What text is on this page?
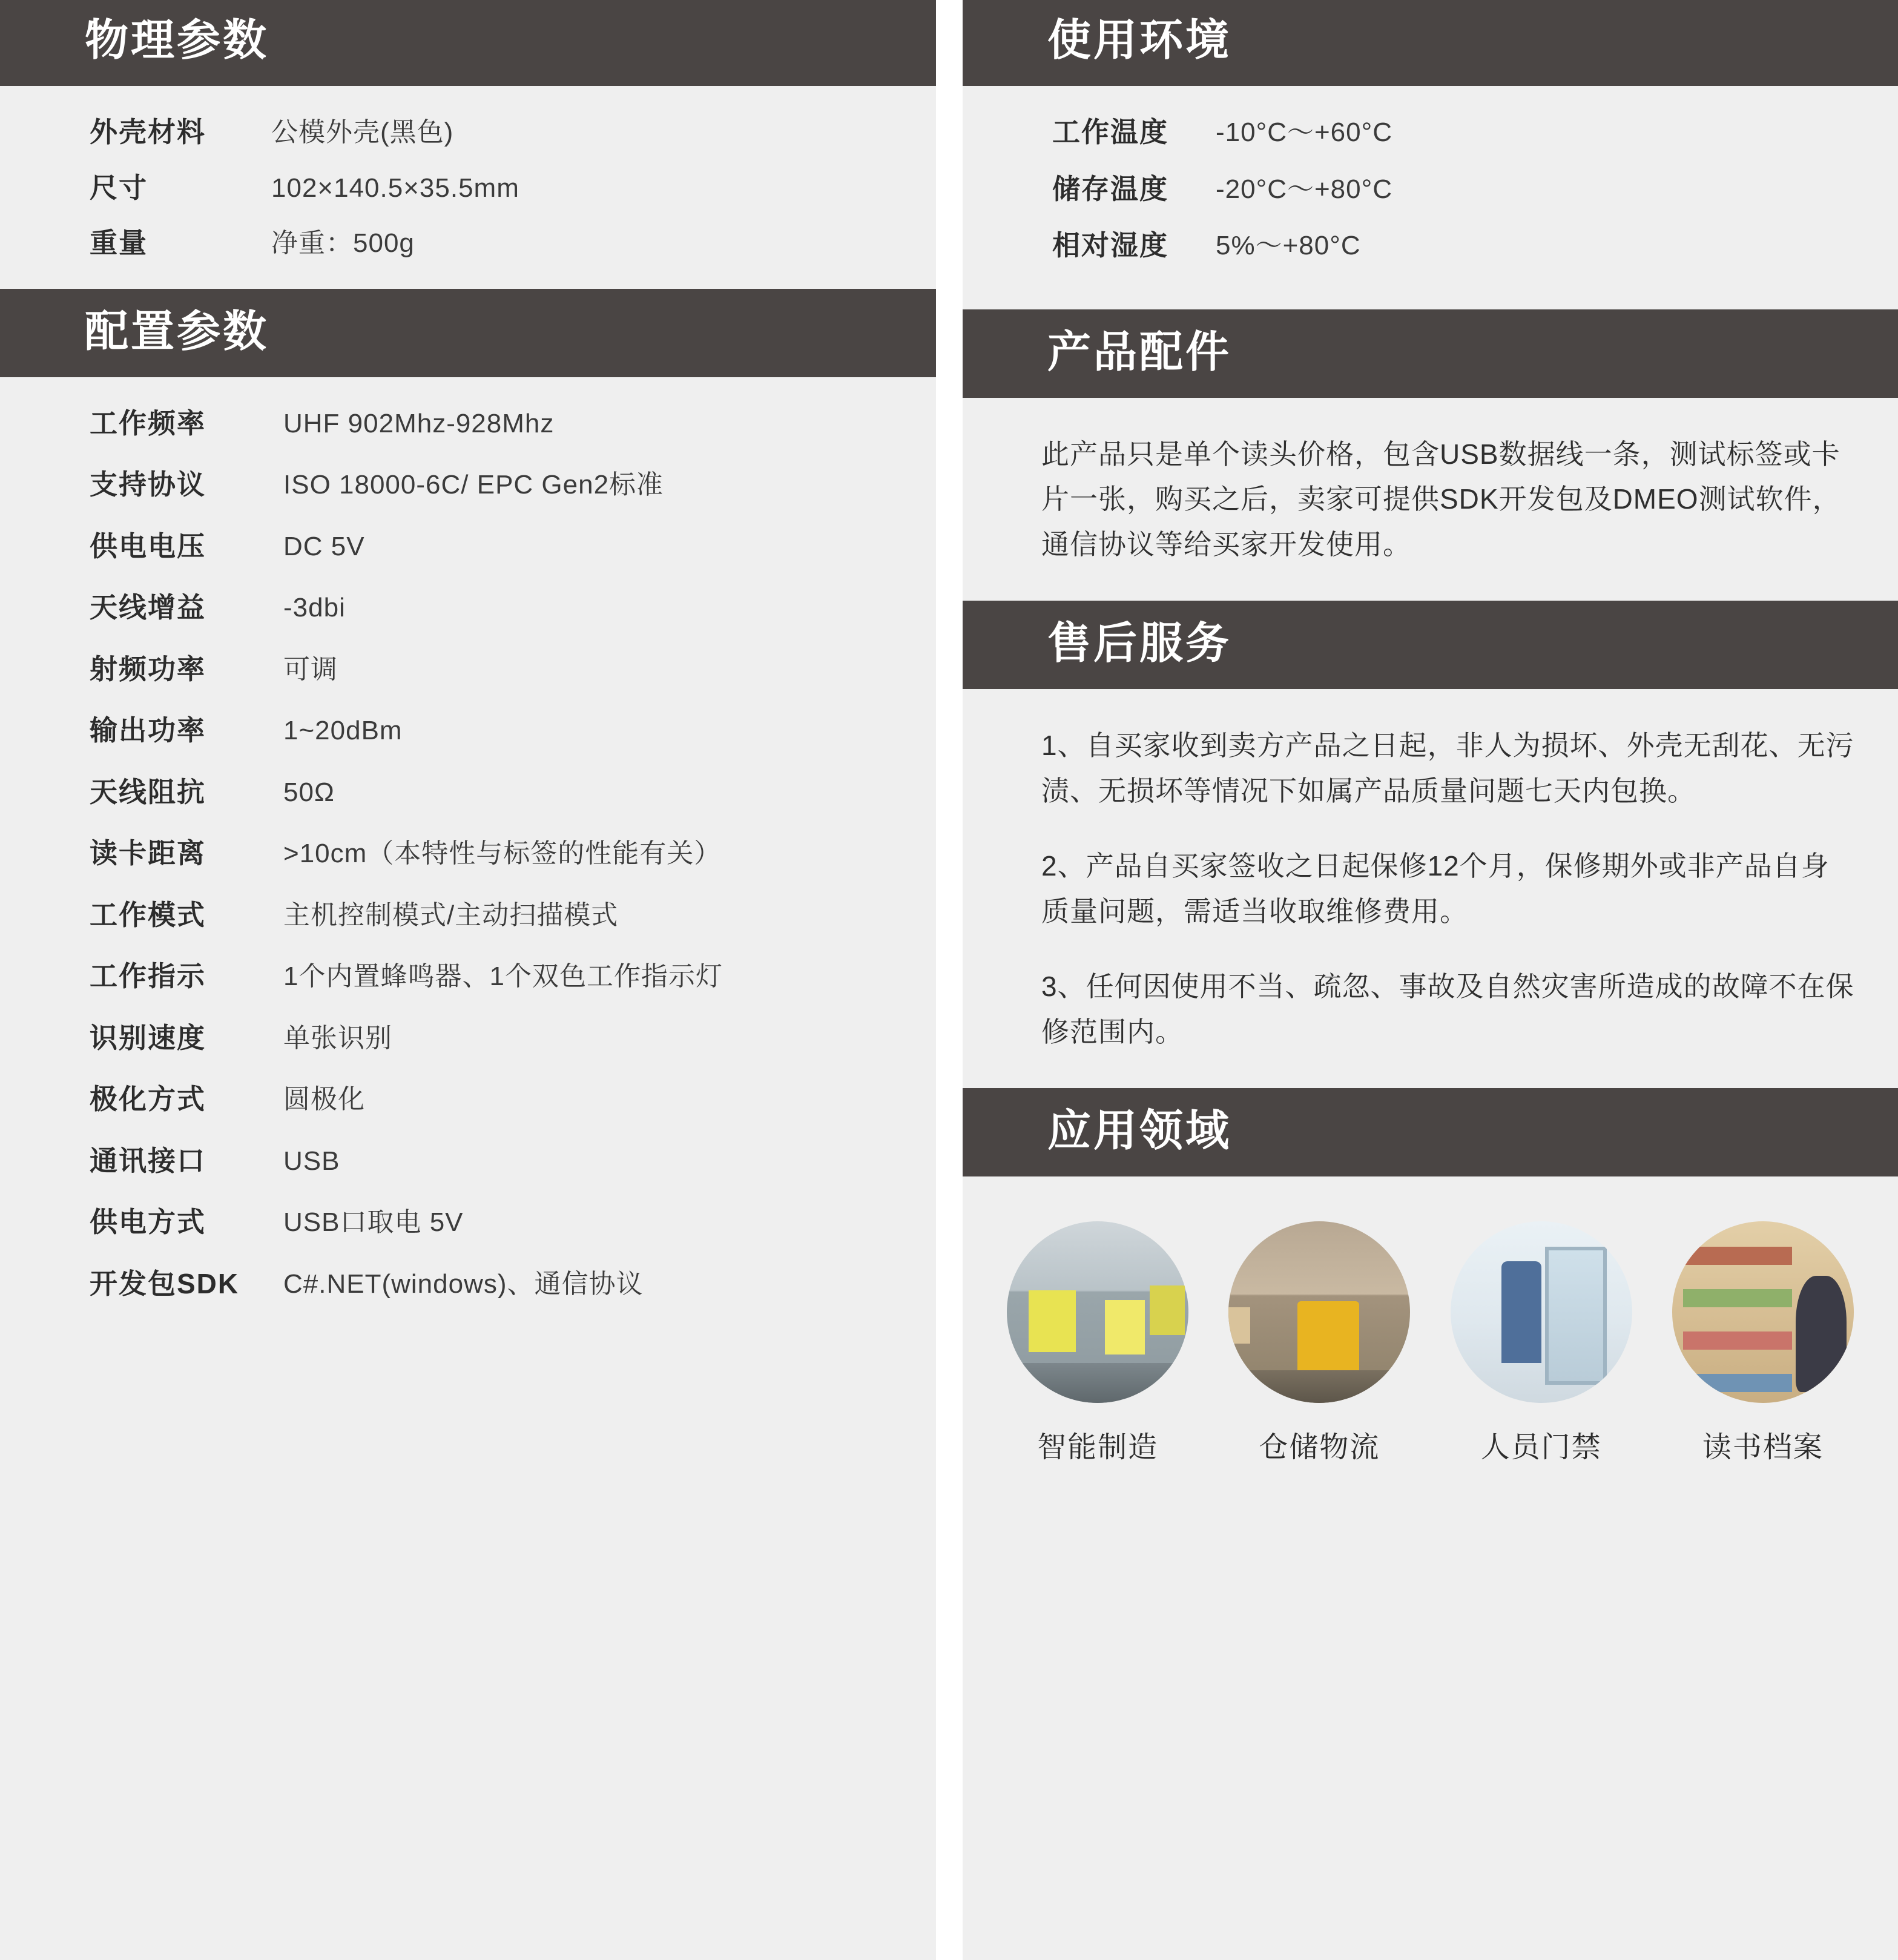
物理参数
外壳材料	公模外壳(黑色)
尺寸	102×140.5×35.5mm
重量	净重：500g
配置参数
工作频率	UHF 902Mhz-928Mhz
支持协议	ISO 18000-6C/ EPC Gen2标准
供电电压	DC 5V
天线增益	-3dbi
射频功率	可调
输出功率	1~20dBm
天线阻抗	50Ω
读卡距离	>10cm（本特性与标签的性能有关）
工作模式	主机控制模式/主动扫描模式
工作指示	1个内置蜂鸣器、1个双色工作指示灯
识别速度	单张识别
极化方式	圆极化
通讯接口	USB
供电方式	USB口取电 5V
开发包SDK	C#.NET(windows)、通信协议
使用环境
工作温度	-10°C～+60°C
储存温度	-20°C～+80°C
相对湿度	5%～+80°C
产品配件
此产品只是单个读头价格，包含USB数据线一条，测试标签或卡片一张，购买之后，卖家可提供SDK开发包及DMEO测试软件，通信协议等给买家开发使用。
售后服务
1、自买家收到卖方产品之日起，非人为损坏、外壳无刮花、无污渍、无损坏等情况下如属产品质量问题七天内包换。
2、产品自买家签收之日起保修12个月，保修期外或非产品自身质量问题，需适当收取维修费用。
3、任何因使用不当、疏忽、事故及自然灾害所造成的故障不在保修范围内。
应用领域
智能制造	仓储物流	人员门禁	读书档案
